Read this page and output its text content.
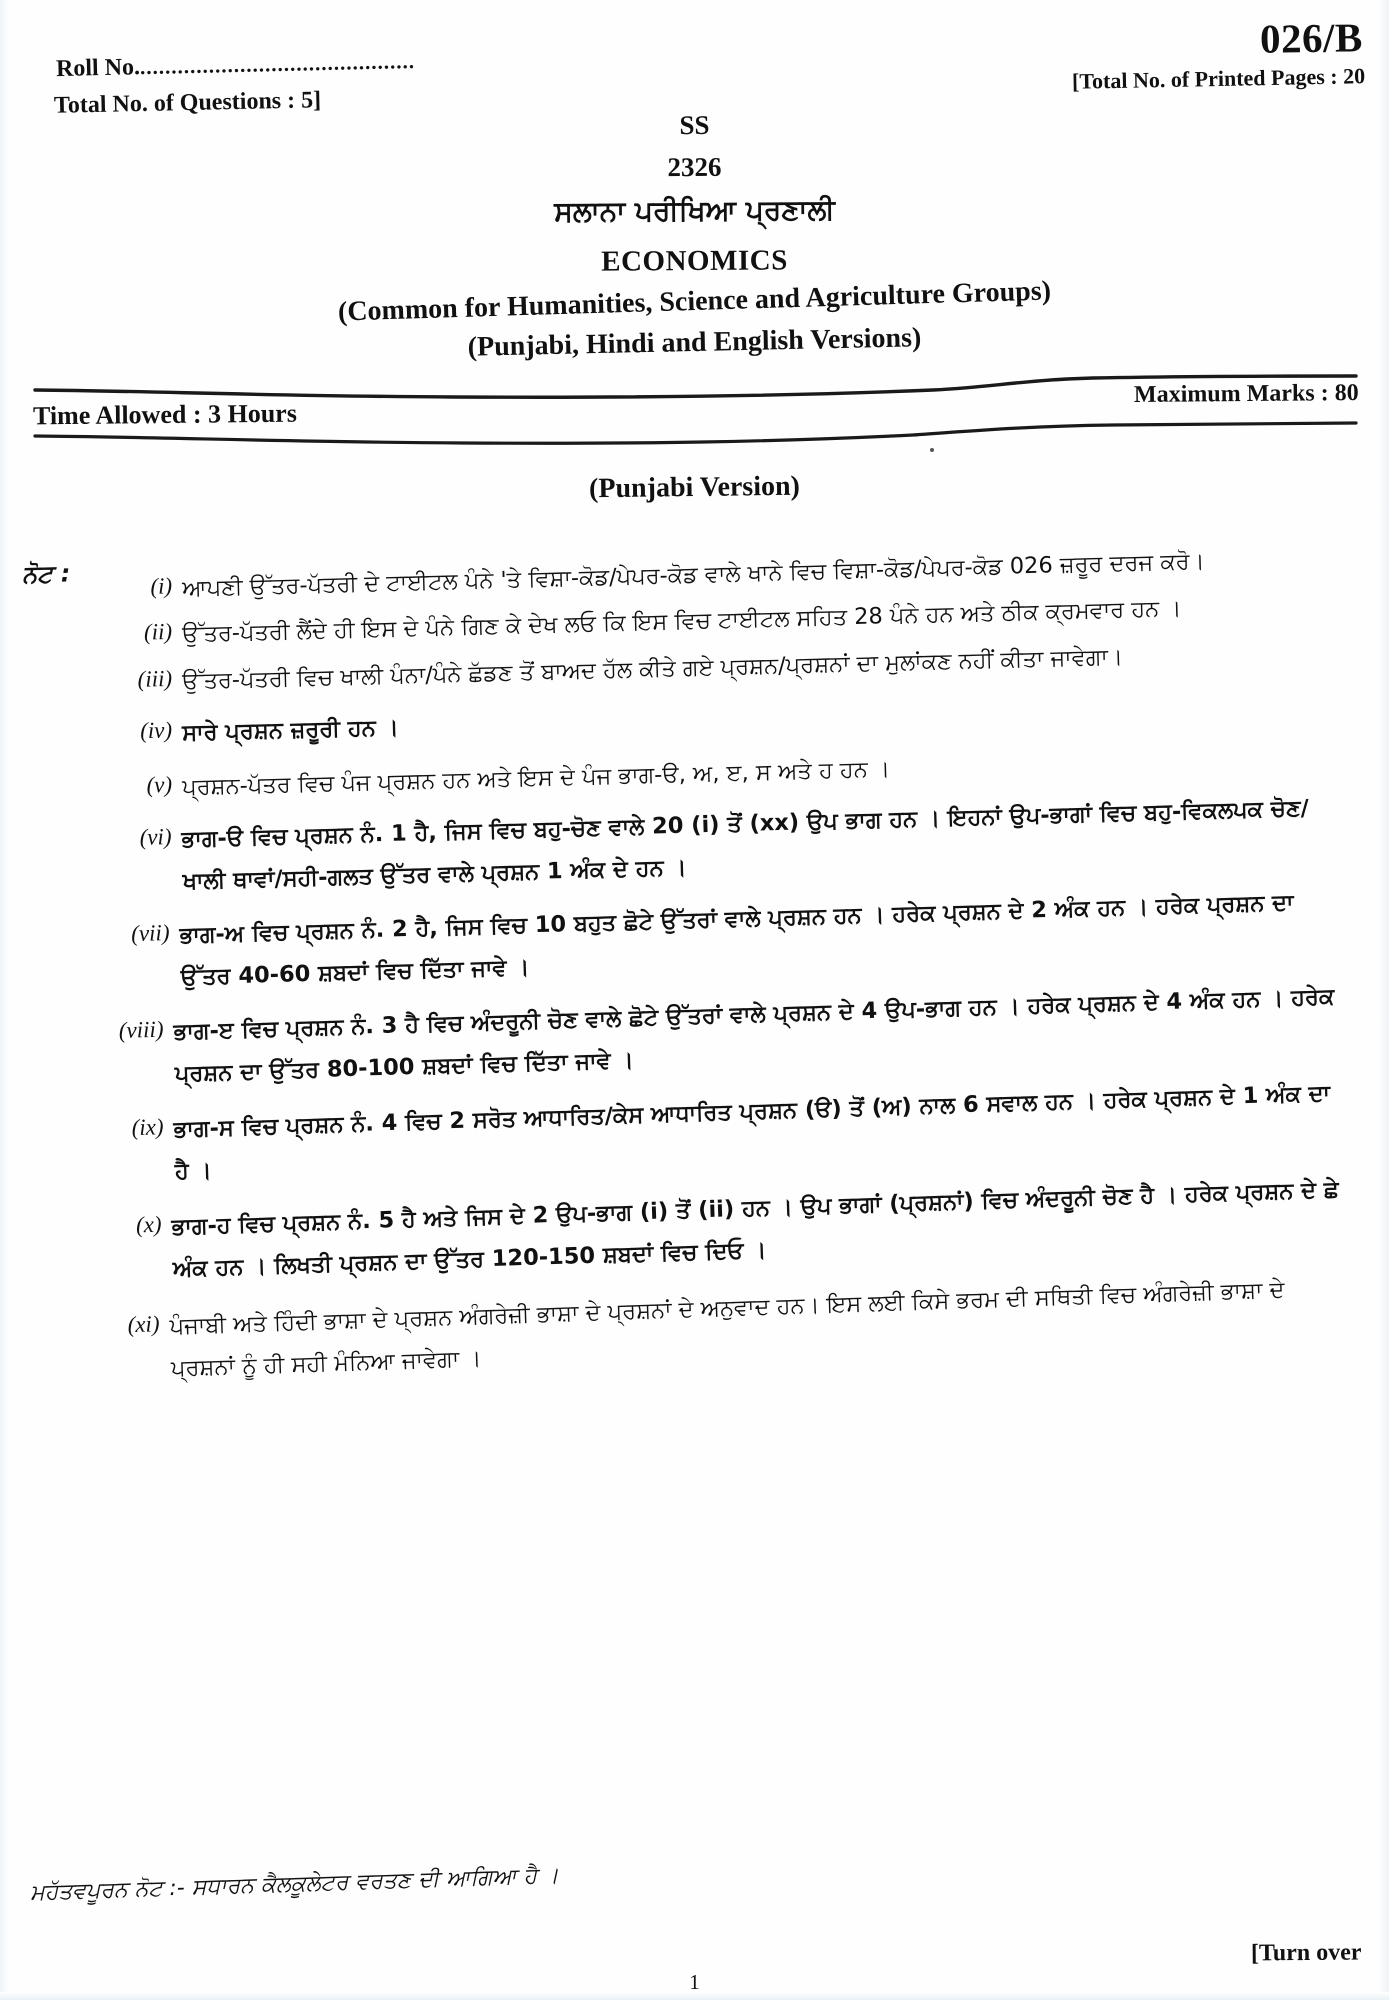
026/B
[Total No. of Printed Pages : 20
Roll No.............................................
Total No. of Questions : 5]
SS
2326
ਸਲਾਨਾ ਪਰੀਖਿਆ ਪ੍ਰਣਾਲੀ
ECONOMICS
(Common for Humanities, Science and Agriculture Groups)
(Punjabi, Hindi and English Versions)
Time Allowed : 3 Hours
Maximum Marks : 80
(Punjabi Version)
ਨੋਟ :	(i) ਆਪਣੀ ਉੱਤਰ-ਪੱਤਰੀ ਦੇ ਟਾਈਟਲ ਪੰਨੇ 'ਤੇ ਵਿਸ਼ਾ-ਕੋਡ/ਪੇਪਰ-ਕੋਡ ਵਾਲੇ ਖਾਨੇ ਵਿਚ ਵਿਸ਼ਾ-ਕੋਡ/ਪੇਪਰ-ਕੋਡ 026 ਜ਼ਰੂਰ ਦਰਜ ਕਰੋ।
(ii) ਉੱਤਰ-ਪੱਤਰੀ ਲੈਂਦੇ ਹੀ ਇਸ ਦੇ ਪੰਨੇ ਗਿਣ ਕੇ ਦੇਖ ਲਓ ਕਿ ਇਸ ਵਿਚ ਟਾਈਟਲ ਸਹਿਤ 28 ਪੰਨੇ ਹਨ ਅਤੇ ਠੀਕ ਕ੍ਰਮਵਾਰ ਹਨ ।
(iii) ਉੱਤਰ-ਪੱਤਰੀ ਵਿਚ ਖਾਲੀ ਪੰਨਾ/ਪੰਨੇ ਛੱਡਣ ਤੋਂ ਬਾਅਦ ਹੱਲ ਕੀਤੇ ਗਏ ਪ੍ਰਸ਼ਨ/ਪ੍ਰਸ਼ਨਾਂ ਦਾ ਮੁਲਾਂਕਣ ਨਹੀਂ ਕੀਤਾ ਜਾਵੇਗਾ।
(iv) ਸਾਰੇ ਪ੍ਰਸ਼ਨ ਜ਼ਰੂਰੀ ਹਨ ।
(v) ਪ੍ਰਸ਼ਨ-ਪੱਤਰ ਵਿਚ ਪੰਜ ਪ੍ਰਸ਼ਨ ਹਨ ਅਤੇ ਇਸ ਦੇ ਪੰਜ ਭਾਗ-ੳ, ਅ, ੲ, ਸ ਅਤੇ ਹ ਹਨ ।
(vi) ਭਾਗ-ੳ ਵਿਚ ਪ੍ਰਸ਼ਨ ਨੰ. 1 ਹੈ, ਜਿਸ ਵਿਚ ਬਹੁ-ਚੋਣ ਵਾਲੇ 20 (i) ਤੋਂ (xx) ਉਪ ਭਾਗ ਹਨ । ਇਹਨਾਂ ਉਪ-ਭਾਗਾਂ ਵਿਚ ਬਹੁ-ਵਿਕਲਪਕ ਚੋਣ/ਖਾਲੀ ਥਾਵਾਂ/ਸਹੀ-ਗਲਤ ਉੱਤਰ ਵਾਲੇ ਪ੍ਰਸ਼ਨ 1 ਅੰਕ ਦੇ ਹਨ ।
(vii) ਭਾਗ-ਅ ਵਿਚ ਪ੍ਰਸ਼ਨ ਨੰ. 2 ਹੈ, ਜਿਸ ਵਿਚ 10 ਬਹੁਤ ਛੋਟੇ ਉੱਤਰਾਂ ਵਾਲੇ ਪ੍ਰਸ਼ਨ ਹਨ । ਹਰੇਕ ਪ੍ਰਸ਼ਨ ਦੇ 2 ਅੰਕ ਹਨ । ਹਰੇਕ ਪ੍ਰਸ਼ਨ ਦਾ ਉੱਤਰ 40-60 ਸ਼ਬਦਾਂ ਵਿਚ ਦਿੱਤਾ ਜਾਵੇ ।
(viii) ਭਾਗ-ੲ ਵਿਚ ਪ੍ਰਸ਼ਨ ਨੰ. 3 ਹੈ ਵਿਚ ਅੰਦਰੂਨੀ ਚੋਣ ਵਾਲੇ ਛੋਟੇ ਉੱਤਰਾਂ ਵਾਲੇ ਪ੍ਰਸ਼ਨ ਦੇ 4 ਉਪ-ਭਾਗ ਹਨ । ਹਰੇਕ ਪ੍ਰਸ਼ਨ ਦੇ 4 ਅੰਕ ਹਨ । ਹਰੇਕ ਪ੍ਰਸ਼ਨ ਦਾ ਉੱਤਰ 80-100 ਸ਼ਬਦਾਂ ਵਿਚ ਦਿੱਤਾ ਜਾਵੇ ।
(ix) ਭਾਗ-ਸ ਵਿਚ ਪ੍ਰਸ਼ਨ ਨੰ. 4 ਵਿਚ 2 ਸਰੋਤ ਆਧਾਰਿਤ/ਕੇਸ ਆਧਾਰਿਤ ਪ੍ਰਸ਼ਨ (ੳ) ਤੋਂ (ਅ) ਨਾਲ 6 ਸਵਾਲ ਹਨ । ਹਰੇਕ ਪ੍ਰਸ਼ਨ ਦੇ 1 ਅੰਕ ਦਾ ਹੈ ।
(x) ਭਾਗ-ਹ ਵਿਚ ਪ੍ਰਸ਼ਨ ਨੰ. 5 ਹੈ ਅਤੇ ਜਿਸ ਦੇ 2 ਉਪ-ਭਾਗ (i) ਤੋਂ (ii) ਹਨ । ਉਪ ਭਾਗਾਂ (ਪ੍ਰਸ਼ਨਾਂ) ਵਿਚ ਅੰਦਰੂਨੀ ਚੋਣ ਹੈ । ਹਰੇਕ ਪ੍ਰਸ਼ਨ ਦੇ ਛੇ ਅੰਕ ਹਨ । ਲਿਖਤੀ ਪ੍ਰਸ਼ਨ ਦਾ ਉੱਤਰ 120-150 ਸ਼ਬਦਾਂ ਵਿਚ ਦਿਓ ।
(xi) ਪੰਜਾਬੀ ਅਤੇ ਹਿੰਦੀ ਭਾਸ਼ਾ ਦੇ ਪ੍ਰਸ਼ਨ ਅੰਗਰੇਜ਼ੀ ਭਾਸ਼ਾ ਦੇ ਪ੍ਰਸ਼ਨਾਂ ਦੇ ਅਨੁਵਾਦ ਹਨ। ਇਸ ਲਈ ਕਿਸੇ ਭਰਮ ਦੀ ਸਥਿਤੀ ਵਿਚ ਅੰਗਰੇਜ਼ੀ ਭਾਸ਼ਾ ਦੇ ਪ੍ਰਸ਼ਨਾਂ ਨੂੰ ਹੀ ਸਹੀ ਮੰਨਿਆ ਜਾਵੇਗਾ ।
ਮਹੱਤਵਪੂਰਨ ਨੋਟ :- ਸਧਾਰਨ ਕੈਲਕੂਲੇਟਰ ਵਰਤਣ ਦੀ ਆਗਿਆ ਹੈ ।
[Turn over
1
